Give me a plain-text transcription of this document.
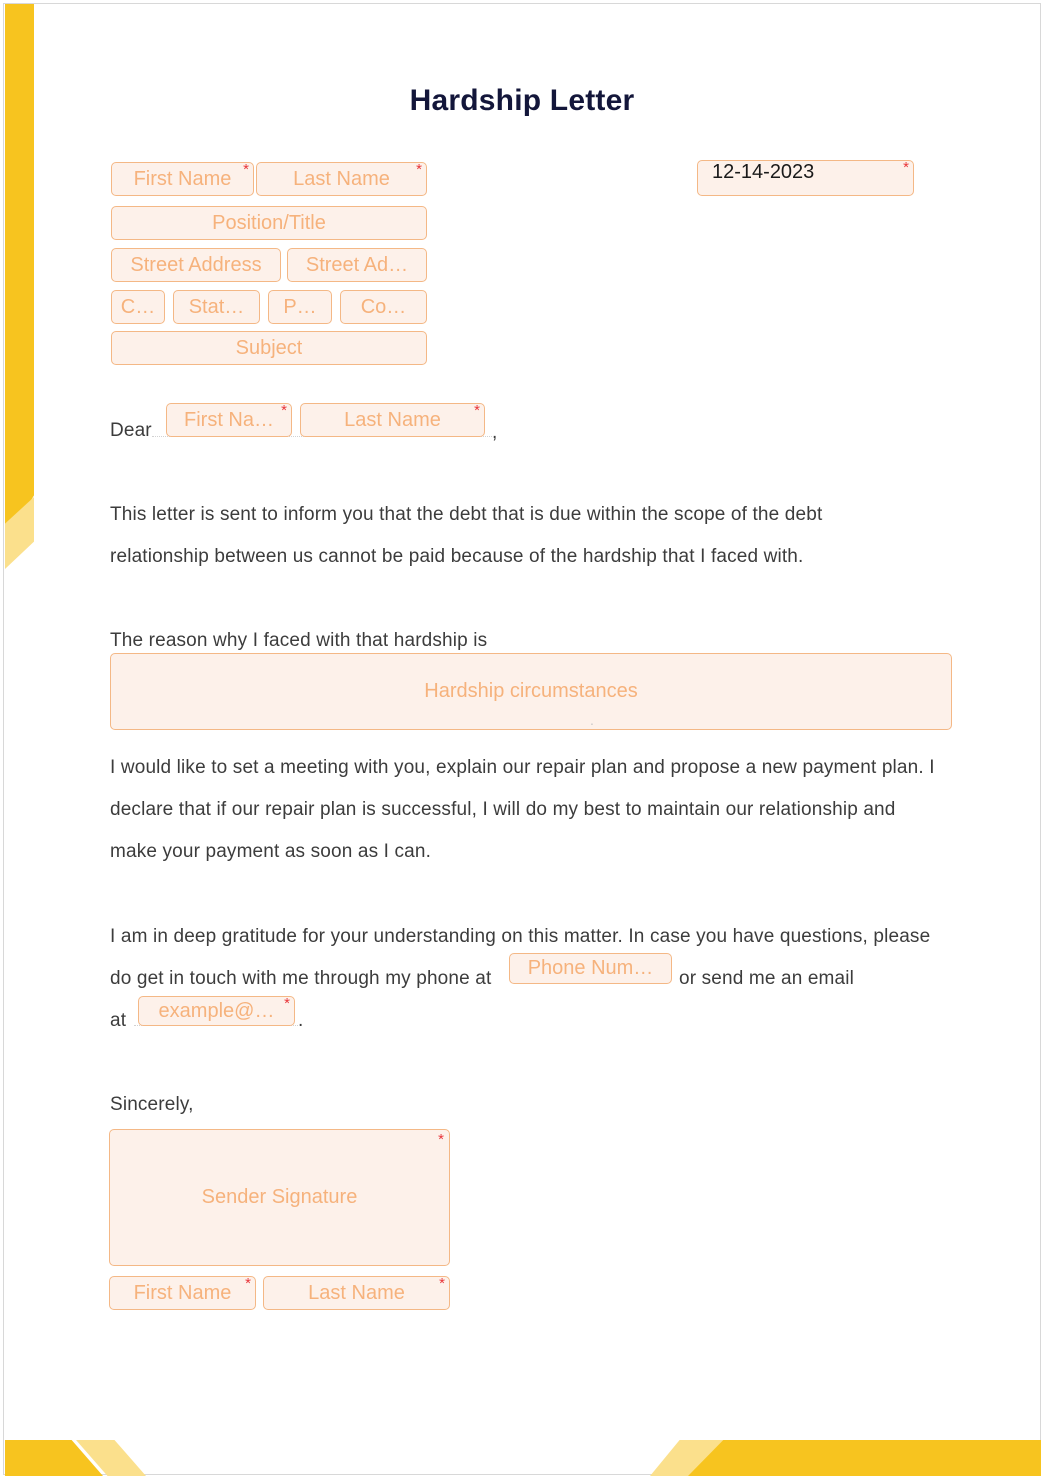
Hardship Letter
First Name * Last Name *
Position/Title
Street Address Street Ad…
C… Stat… P… Co…
Subject
12-14-2023	*
Dear First Na… *	Last Name *
,
This letter is sent to inform you that the debt that is due within the scope of the debt
relationship between us cannot be paid because of the hardship that I faced with.
The reason why I faced with that hardship is
Hardship circumstances
.
I would like to set a meeting with you, explain our repair plan and propose a new payment plan. I
declare that if our repair plan is successful, I will do my best to maintain our relationship and
make your payment as soon as I can.
I am in deep gratitude for your understanding on this matter. In case you have questions, please
do get in touch with me through my phone at Phone Num… or send me an email
at example@… *
.
Sincerely,
Sender Signature
*
First Name *	Last Name *
